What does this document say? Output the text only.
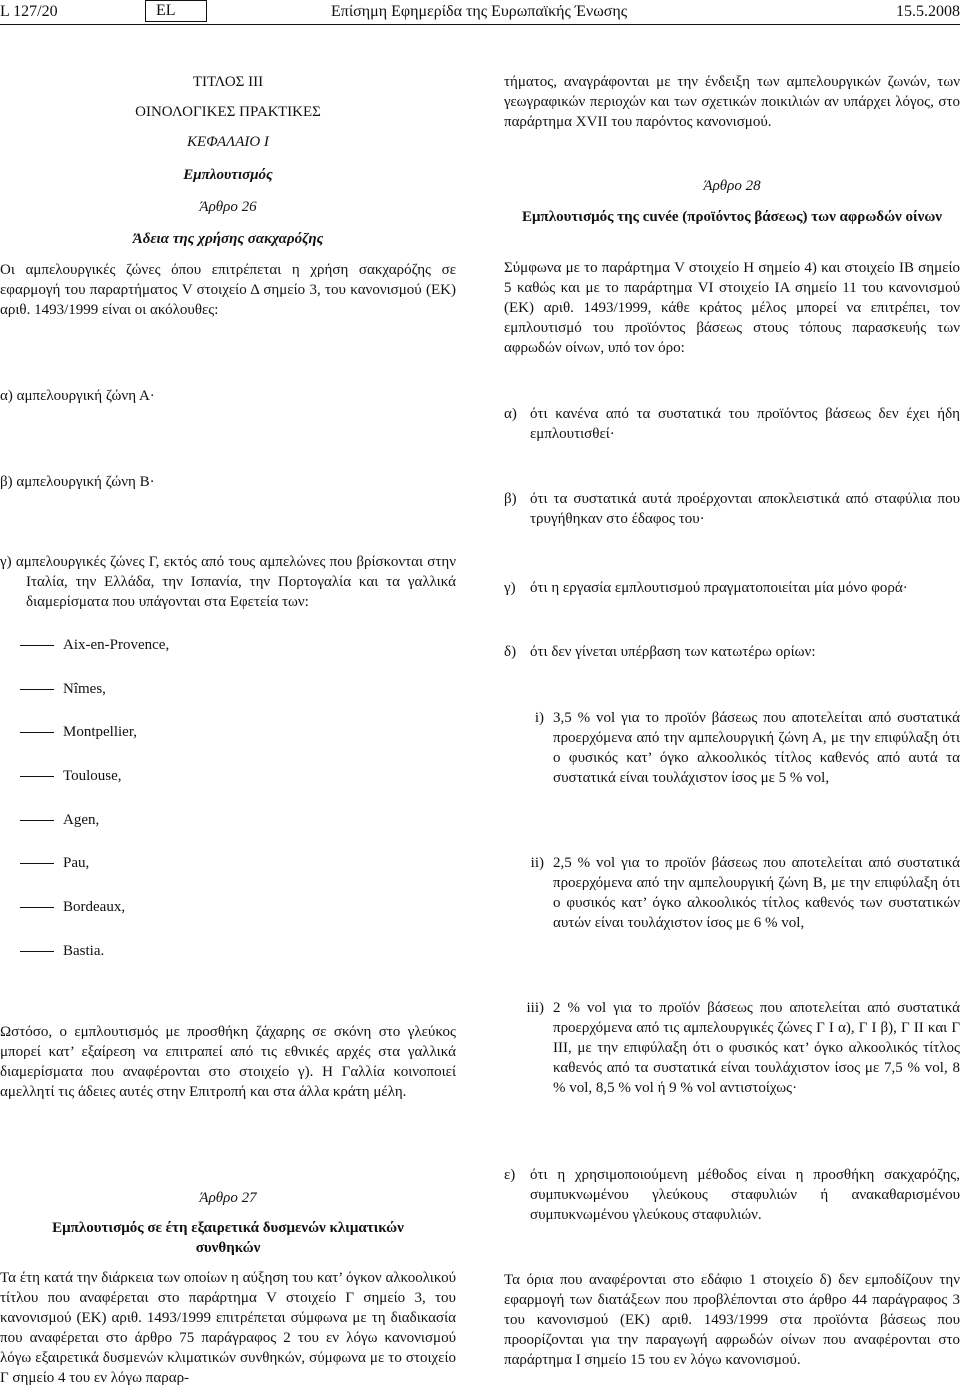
L 127/20	EL	Επίσημη Εφημερίδα της Ευρωπαϊκής Ένωσης	15.5.2008
ΤΙΤΛΟΣ III
ΟΙΝΟΛΟΓΙΚΕΣ ΠΡΑΚΤΙΚΕΣ
ΚΕΦΑΛΑΙΟ I
Εμπλουτισμός
Άρθρο 26
Άδεια της χρήσης σακχαρόζης
Οι αμπελουργικές ζώνες όπου επιτρέπεται η χρήση σακχαρόζης σε εφαρμογή του παραρτήματος V στοιχείο Δ σημείο 3, του κανονισμού (ΕΚ) αριθ. 1493/1999 είναι οι ακόλουθες:
α) αμπελουργική ζώνη Α·
β) αμπελουργική ζώνη Β·
γ) αμπελουργικές ζώνες Γ, εκτός από τους αμπελώνες που βρίσκονται στην Ιταλία, την Ελλάδα, την Ισπανία, την Πορτογαλία και τα γαλλικά διαμερίσματα που υπάγονται στα Εφετεία των:
Aix-en-Provence,
Nîmes,
Montpellier,
Toulouse,
Agen,
Pau,
Bordeaux,
Bastia.
Ωστόσο, ο εμπλουτισμός με προσθήκη ζάχαρης σε σκόνη στο γλεύκος μπορεί κατ’ εξαίρεση να επιτραπεί από τις εθνικές αρχές στα γαλλικά διαμερίσματα που αναφέρονται στο στοιχείο γ). Η Γαλλία κοινοποιεί αμελλητί τις άδειες αυτές στην Επιτροπή και στα άλλα κράτη μέλη.
Άρθρο 27
Εμπλουτισμός σε έτη εξαιρετικά δυσμενών κλιματικών συνθηκών
Τα έτη κατά την διάρκεια των οποίων η αύξηση του κατ’ όγκον αλκοολικού τίτλου που αναφέρεται στο παράρτημα V στοιχείο Γ σημείο 3, του κανονισμού (ΕΚ) αριθ. 1493/1999 επιτρέπεται σύμφωνα με τη διαδικασία που αναφέρεται στο άρθρο 75 παράγραφος 2 του εν λόγω κανονισμού λόγω εξαιρετικά δυσμενών κλιματικών συνθηκών, σύμφωνα με το στοιχείο Γ σημείο 4 του εν λόγω παραρ-
τήματος, αναγράφονται με την ένδειξη των αμπελουργικών ζωνών, των γεωγραφικών περιοχών και των σχετικών ποικιλιών αν υπάρχει λόγος, στο παράρτημα XVII του παρόντος κανονισμού.
Άρθρο 28
Εμπλουτισμός της cuvée (προϊόντος βάσεως) των αφρωδών οίνων
Σύμφωνα με το παράρτημα V στοιχείο Η σημείο 4) και στοιχείο ΙΒ σημείο 5 καθώς και με το παράρτημα VI στοιχείο ΙΑ σημείο 11 του κανονισμού (ΕΚ) αριθ. 1493/1999, κάθε κράτος μέλος μπορεί να επιτρέπει, τον εμπλουτισμό του προϊόντος βάσεως στους τόπους παρασκευής των αφρωδών οίνων, υπό τον όρο:
α) ότι κανένα από τα συστατικά του προϊόντος βάσεως δεν έχει ήδη εμπλουτισθεί·
β) ότι τα συστατικά αυτά προέρχονται αποκλειστικά από σταφύλια που τρυγήθηκαν στο έδαφος του·
γ) ότι η εργασία εμπλουτισμού πραγματοποιείται μία μόνο φορά·
δ) ότι δεν γίνεται υπέρβαση των κατωτέρω ορίων:
i) 3,5 % vol για το προϊόν βάσεως που αποτελείται από συστατικά προερχόμενα από την αμπελουργική ζώνη Α, με την επιφύλαξη ότι ο φυσικός κατ’ όγκο αλκοολικός τίτλος καθενός από αυτά τα συστατικά είναι τουλάχιστον ίσος με 5 % vol,
ii) 2,5 % vol για το προϊόν βάσεως που αποτελείται από συστατικά προερχόμενα από την αμπελουργική ζώνη Β, με την επιφύλαξη ότι ο φυσικός κατ’ όγκο αλκοολικός τίτλος καθενός των συστατικών αυτών είναι τουλάχιστον ίσος με 6 % vol,
iii) 2 % vol για το προϊόν βάσεως που αποτελείται από συστατικά προερχόμενα από τις αμπελουργικές ζώνες Γ I α), Γ I β), Γ II και Γ III, με την επιφύλαξη ότι ο φυσικός κατ’ όγκο αλκοολικός τίτλος καθενός από τα συστατικά είναι τουλάχιστον ίσος με 7,5 % vol, 8 % vol, 8,5 % vol ή 9 % vol αντιστοίχως·
ε) ότι η χρησιμοποιούμενη μέθοδος είναι η προσθήκη σακχαρόζης, συμπυκνωμένου γλεύκους σταφυλιών ή ανακαθαρισμένου συμπυκνωμένου γλεύκους σταφυλιών.
Τα όρια που αναφέρονται στο εδάφιο 1 στοιχείο δ) δεν εμποδίζουν την εφαρμογή των διατάξεων που προβλέπονται στο άρθρο 44 παράγραφος 3 του κανονισμού (ΕΚ) αριθ. 1493/1999 στα προϊόντα βάσεως που προορίζονται για την παραγωγή αφρωδών οίνων που αναφέρονται στο παράρτημα I σημείο 15 του εν λόγω κανονισμού.
